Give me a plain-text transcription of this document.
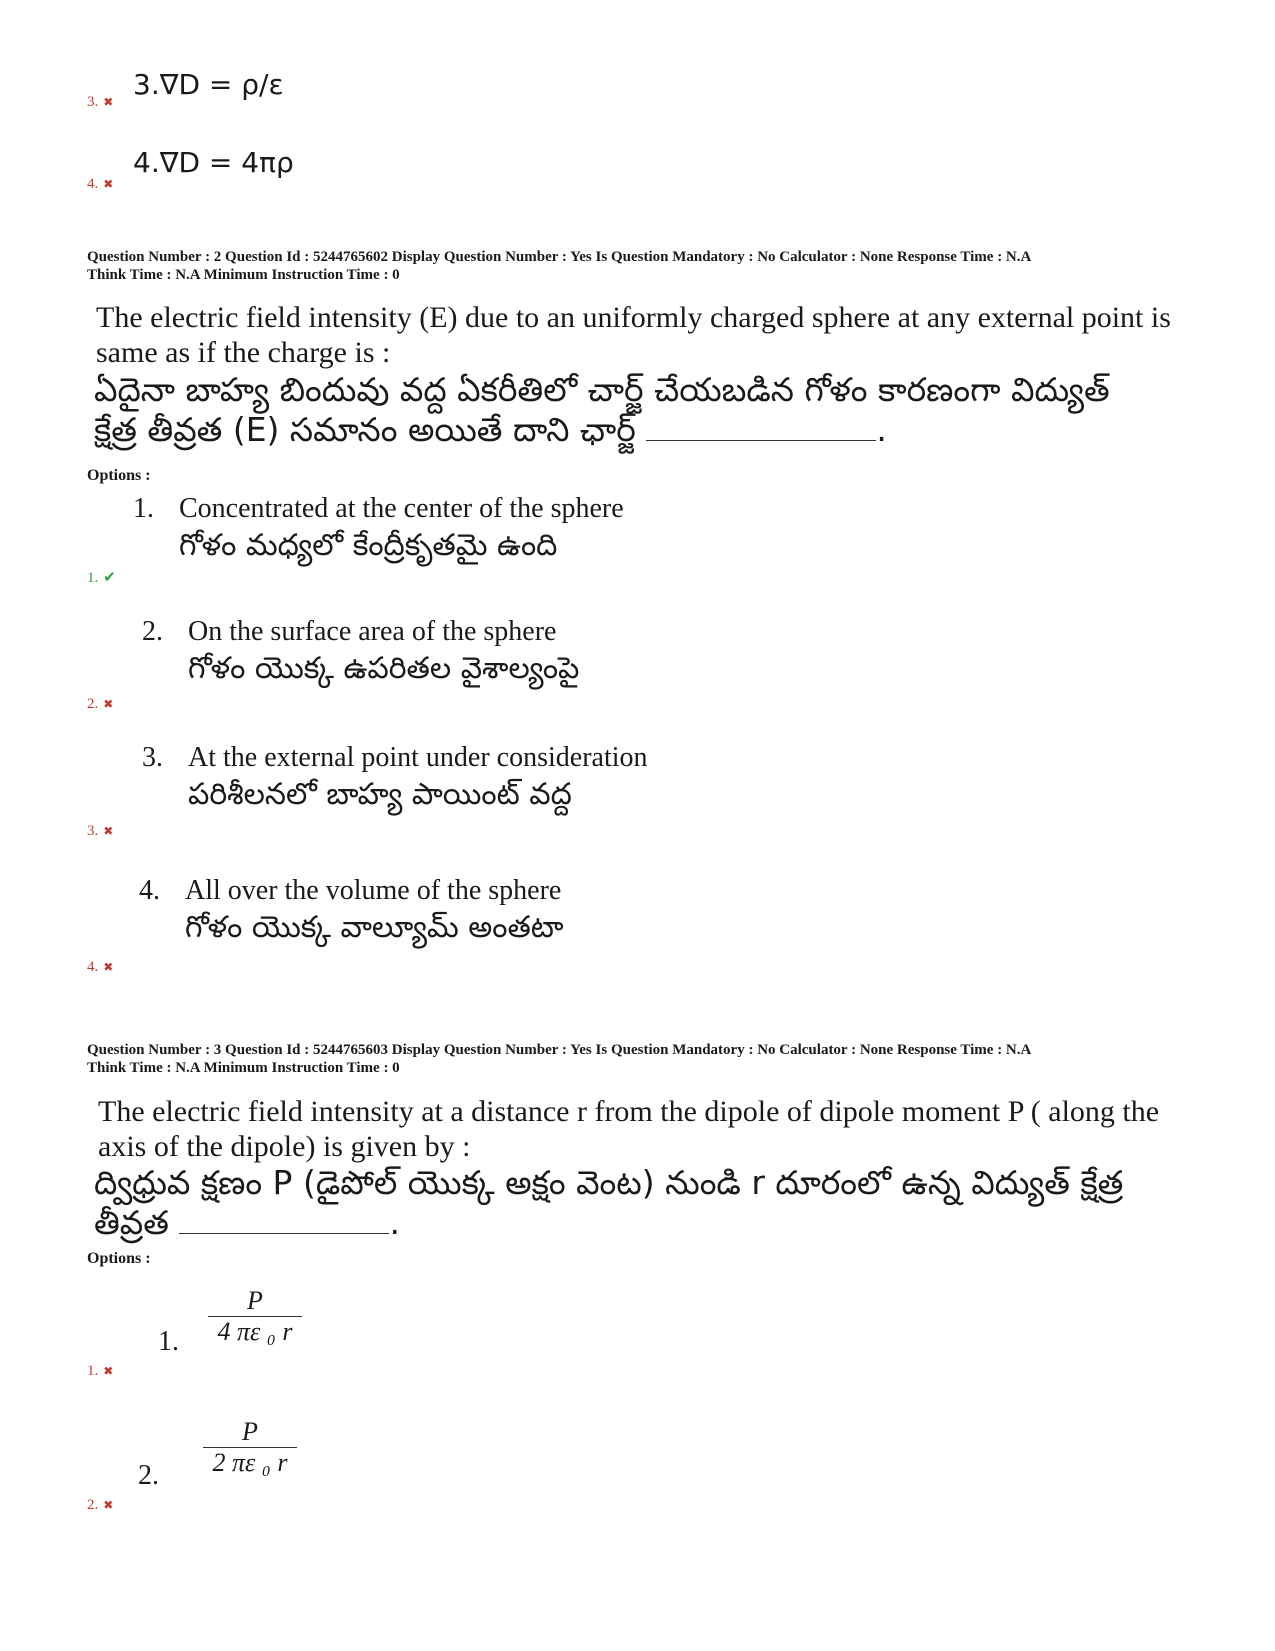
3.∇D = ρ/ε
3. ✖
4.∇D = 4πρ
4. ✖
Question Number : 2 Question Id : 5244765602 Display Question Number : Yes Is Question Mandatory : No Calculator : None Response Time : N.A
Think Time : N.A Minimum Instruction Time : 0
The electric field intensity (E) due to an uniformly charged sphere at any external point is
same as if the charge is :
ఏదైనా బాహ్య బిందువు వద్ద ఏకరీతిలో చార్జ్ చేయబడిన గోళం కారణంగా విద్యుత్
క్షేత్ర తీవ్రత (E) సమానం అయితే దాని ఛార్జ్	.
Options :
1. Concentrated at the center of the sphere
గోళం మధ్యలో కేంద్రీకృతమై ఉంది
1. ✔
2. On the surface area of the sphere
గోళం యొక్క ఉపరితల వైశాల్యంపై
2. ✖
3. At the external point under consideration
పరిశీలనలో బాహ్య పాయింట్ వద్ద
3. ✖
4. All over the volume of the sphere
గోళం యొక్క వాల్యూమ్ అంతటా
4. ✖
Question Number : 3 Question Id : 5244765603 Display Question Number : Yes Is Question Mandatory : No Calculator : None Response Time : N.A
Think Time : N.A Minimum Instruction Time : 0
The electric field intensity at a distance r from the dipole of dipole moment P ( along the
axis of the dipole) is given by :
ద్విధ్రువ క్షణం P (డైపోల్ యొక్క అక్షం వెంట) నుండి r దూరంలో ఉన్న విద్యుత్ క్షేత్ర
తీవ్రత	.
Options :
1.
P
4 πε ₀ r
1. ✖
2.
P
2 πε ₀ r
2. ✖
